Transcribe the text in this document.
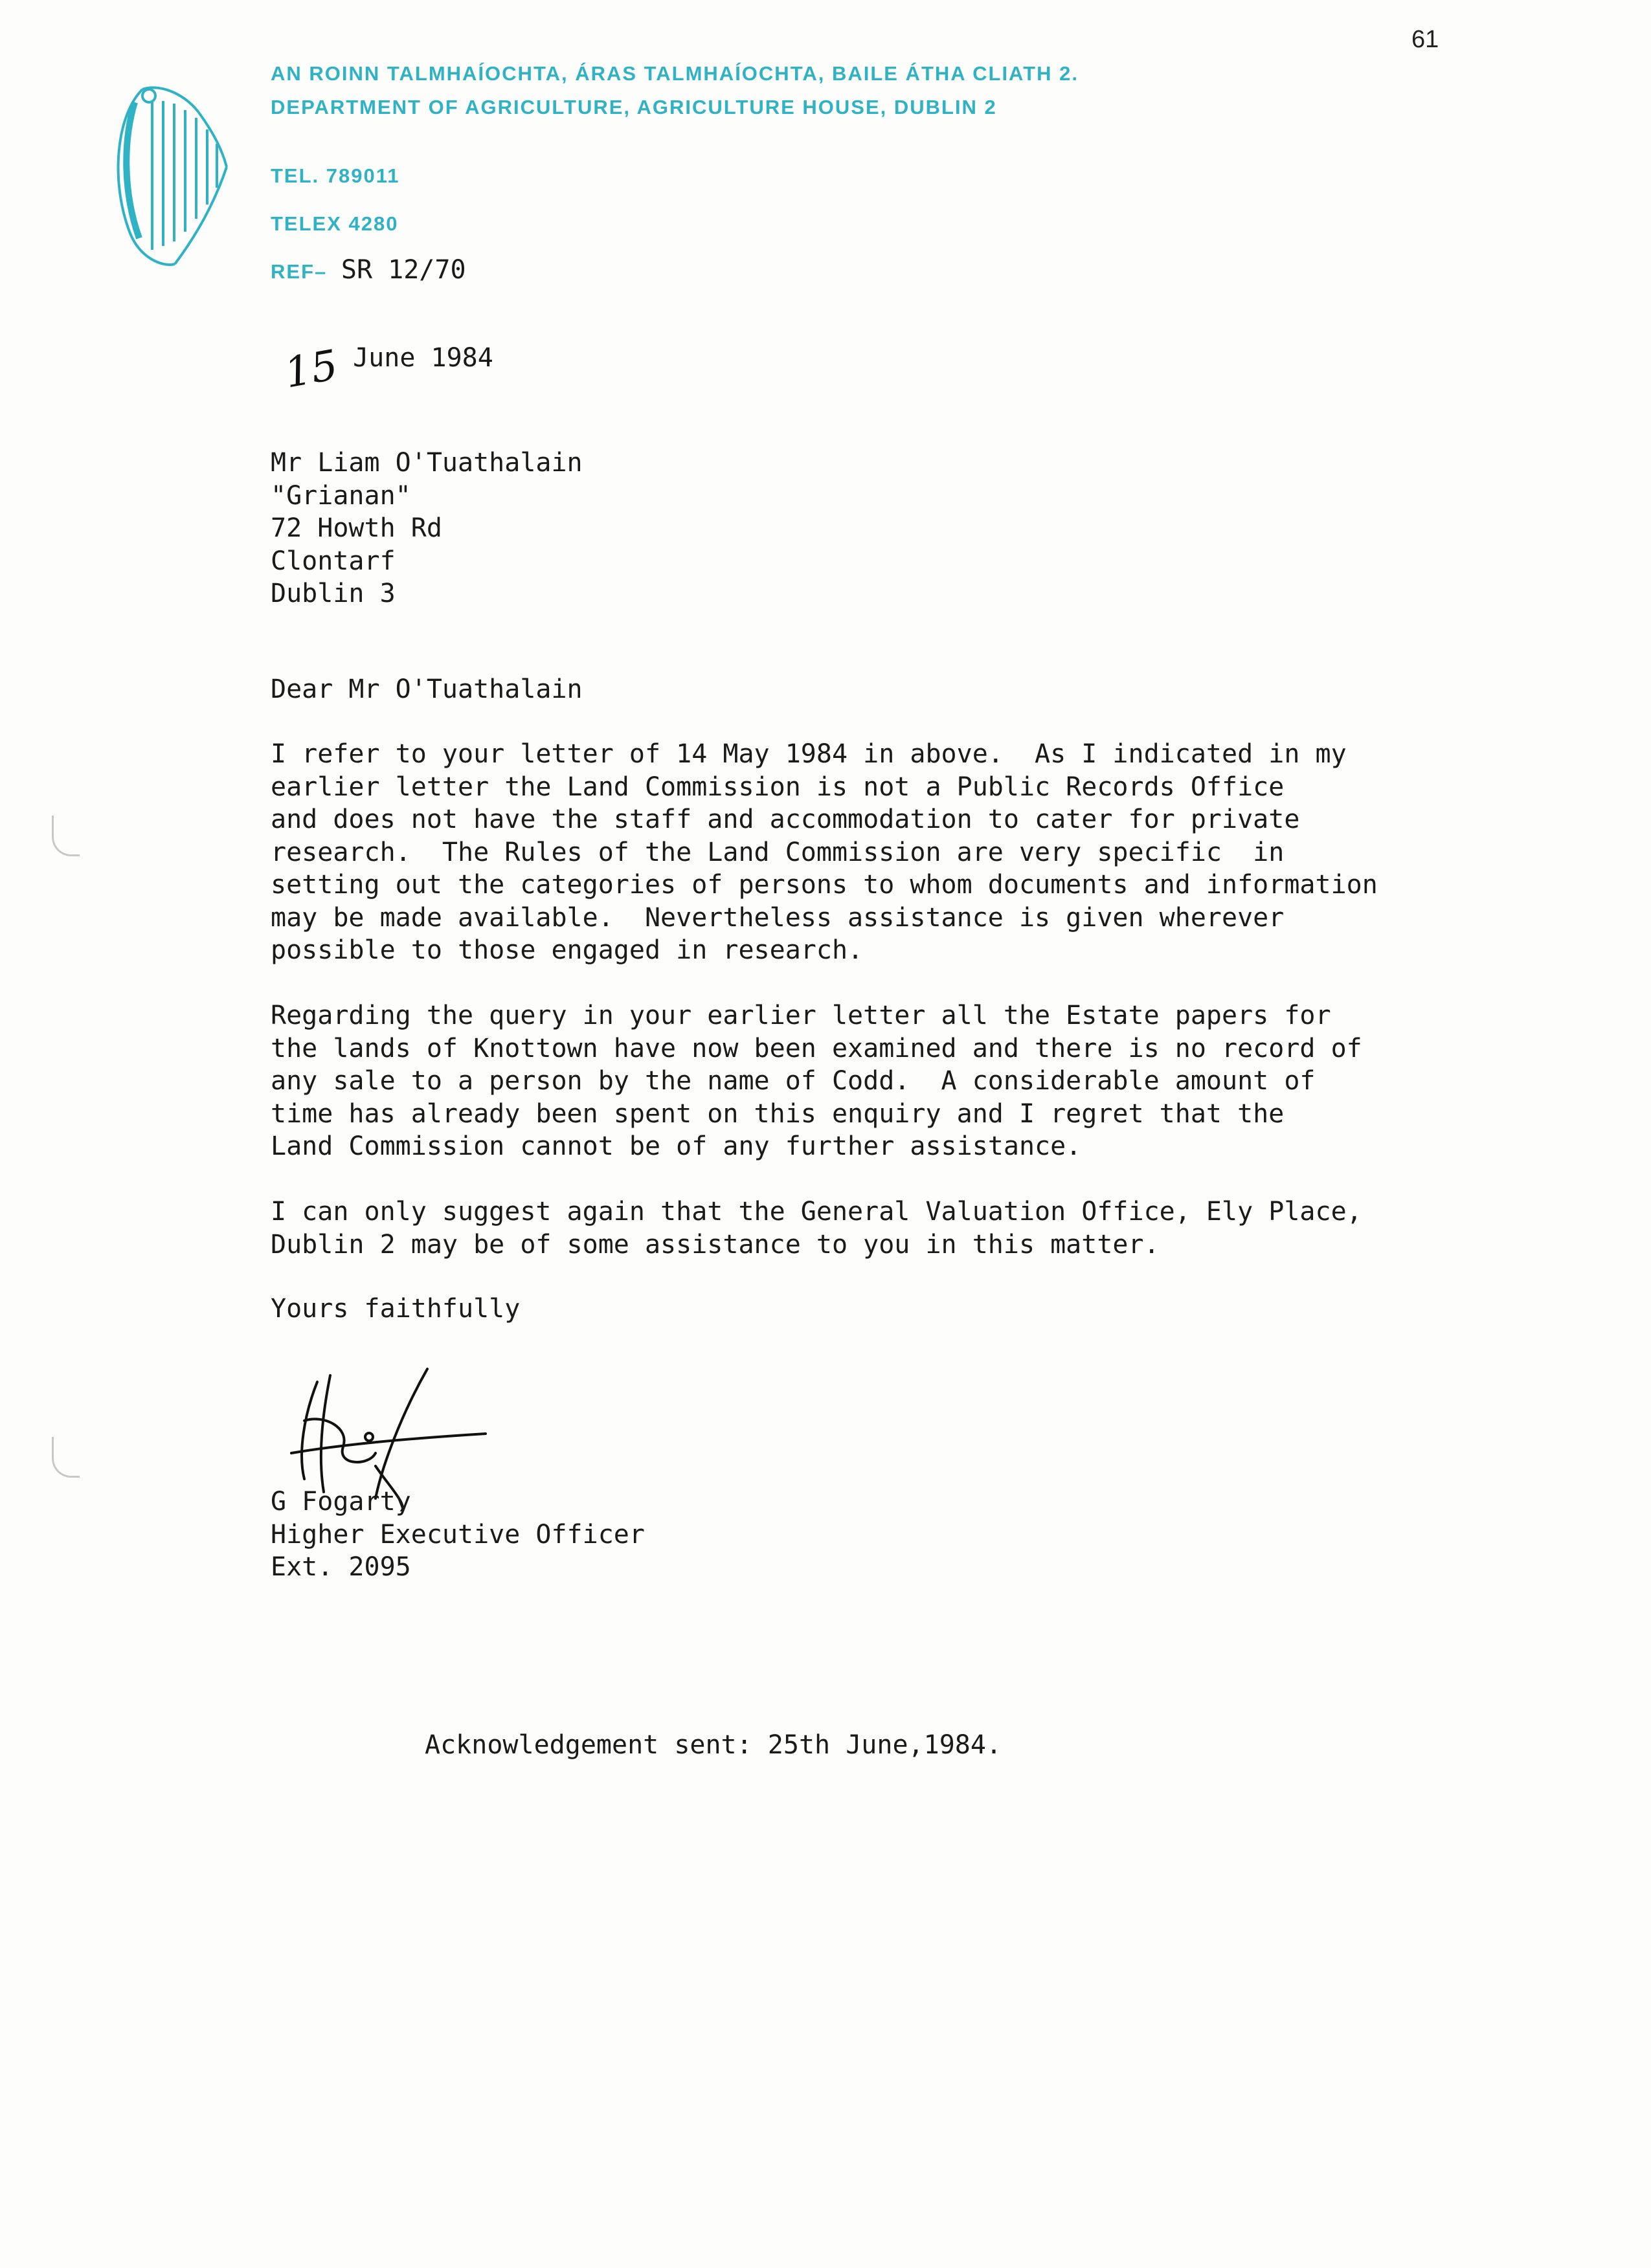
61
AN ROINN TALMHAÍOCHTA, ÁRAS TALMHAÍOCHTA, BAILE ÁTHA CLIATH 2.
DEPARTMENT OF AGRICULTURE, AGRICULTURE HOUSE, DUBLIN 2
TEL. 789011
TELEX 4280
REF– SR 12/70
15 June 1984
Mr Liam O'Tuathalain
"Grianan"
72 Howth Rd
Clontarf
Dublin 3
Dear Mr O'Tuathalain
I refer to your letter of 14 May 1984 in above.  As I indicated in my
earlier letter the Land Commission is not a Public Records Office
and does not have the staff and accommodation to cater for private
research.  The Rules of the Land Commission are very specific  in
setting out the categories of persons to whom documents and information
may be made available.  Nevertheless assistance is given wherever
possible to those engaged in research.
Regarding the query in your earlier letter all the Estate papers for
the lands of Knottown have now been examined and there is no record of
any sale to a person by the name of Codd.  A considerable amount of
time has already been spent on this enquiry and I regret that the
Land Commission cannot be of any further assistance.
I can only suggest again that the General Valuation Office, Ely Place,
Dublin 2 may be of some assistance to you in this matter.
Yours faithfully
G Fogarty
Higher Executive Officer
Ext. 2095
Acknowledgement sent: 25th June,1984.
